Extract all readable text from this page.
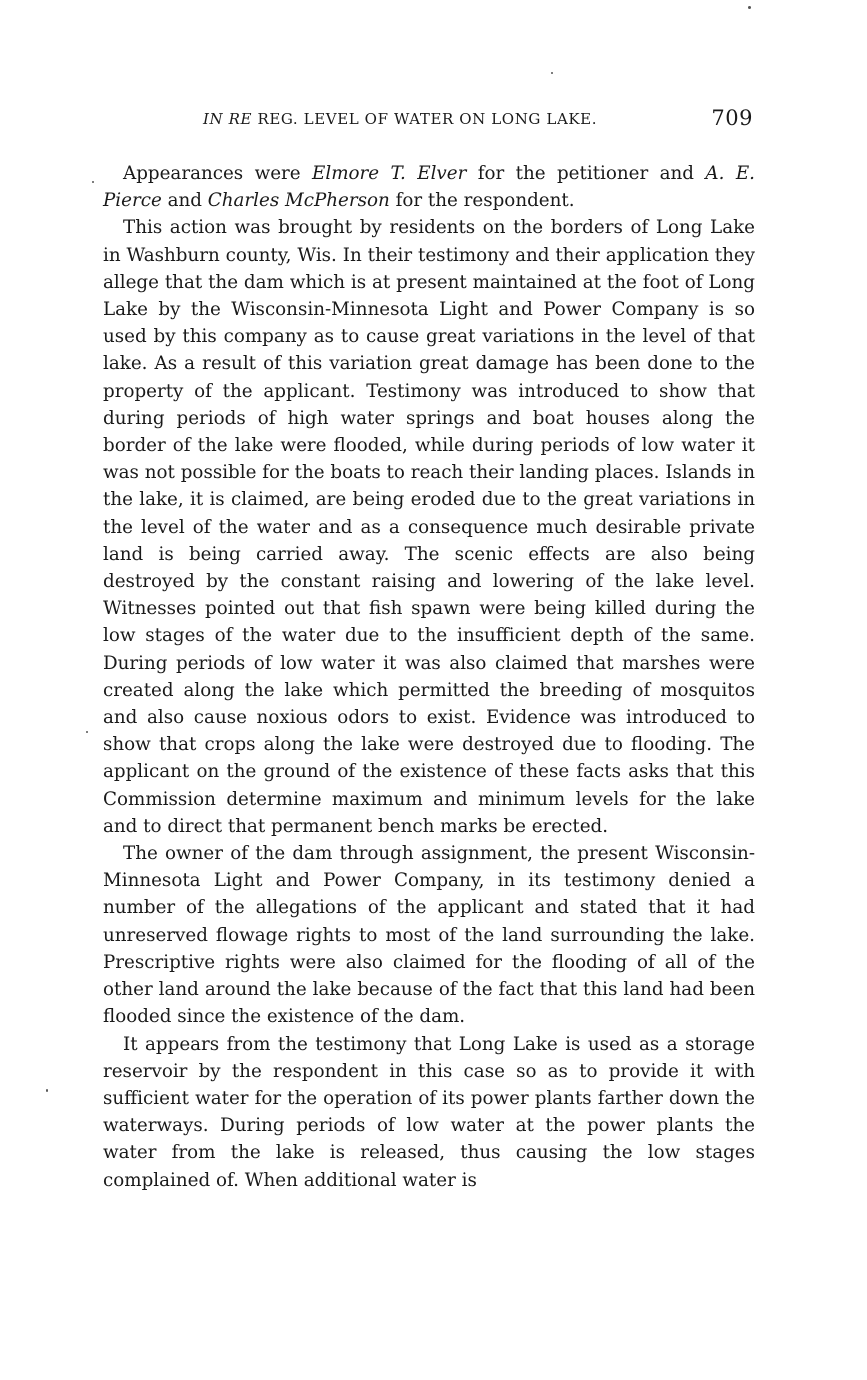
IN RE REG. LEVEL OF WATER ON LONG LAKE.	709

Appearances were Elmore T. Elver for the petitioner and A. E. Pierce and Charles McPherson for the respondent.

This action was brought by residents on the borders of Long Lake in Washburn county, Wis. In their testimony and their application they allege that the dam which is at present maintained at the foot of Long Lake by the Wisconsin-Minnesota Light and Power Company is so used by this company as to cause great variations in the level of that lake. As a result of this variation great damage has been done to the property of the applicant. Testimony was introduced to show that during periods of high water springs and boat houses along the border of the lake were flooded, while during periods of low water it was not possible for the boats to reach their landing places. Islands in the lake, it is claimed, are being eroded due to the great variations in the level of the water and as a consequence much desirable private land is being carried away. The scenic effects are also being destroyed by the constant raising and lowering of the lake level. Witnesses pointed out that fish spawn were being killed during the low stages of the water due to the insufficient depth of the same. During periods of low water it was also claimed that marshes were created along the lake which permitted the breeding of mosquitos and also cause noxious odors to exist. Evidence was introduced to show that crops along the lake were destroyed due to flooding. The applicant on the ground of the existence of these facts asks that this Commission determine maximum and minimum levels for the lake and to direct that permanent bench marks be erected.

The owner of the dam through assignment, the present Wisconsin-Minnesota Light and Power Company, in its testimony denied a number of the allegations of the applicant and stated that it had unreserved flowage rights to most of the land surrounding the lake. Prescriptive rights were also claimed for the flooding of all of the other land around the lake because of the fact that this land had been flooded since the existence of the dam.

It appears from the testimony that Long Lake is used as a storage reservoir by the respondent in this case so as to provide it with sufficient water for the operation of its power plants farther down the waterways. During periods of low water at the power plants the water from the lake is released, thus causing the low stages complained of. When additional water is
